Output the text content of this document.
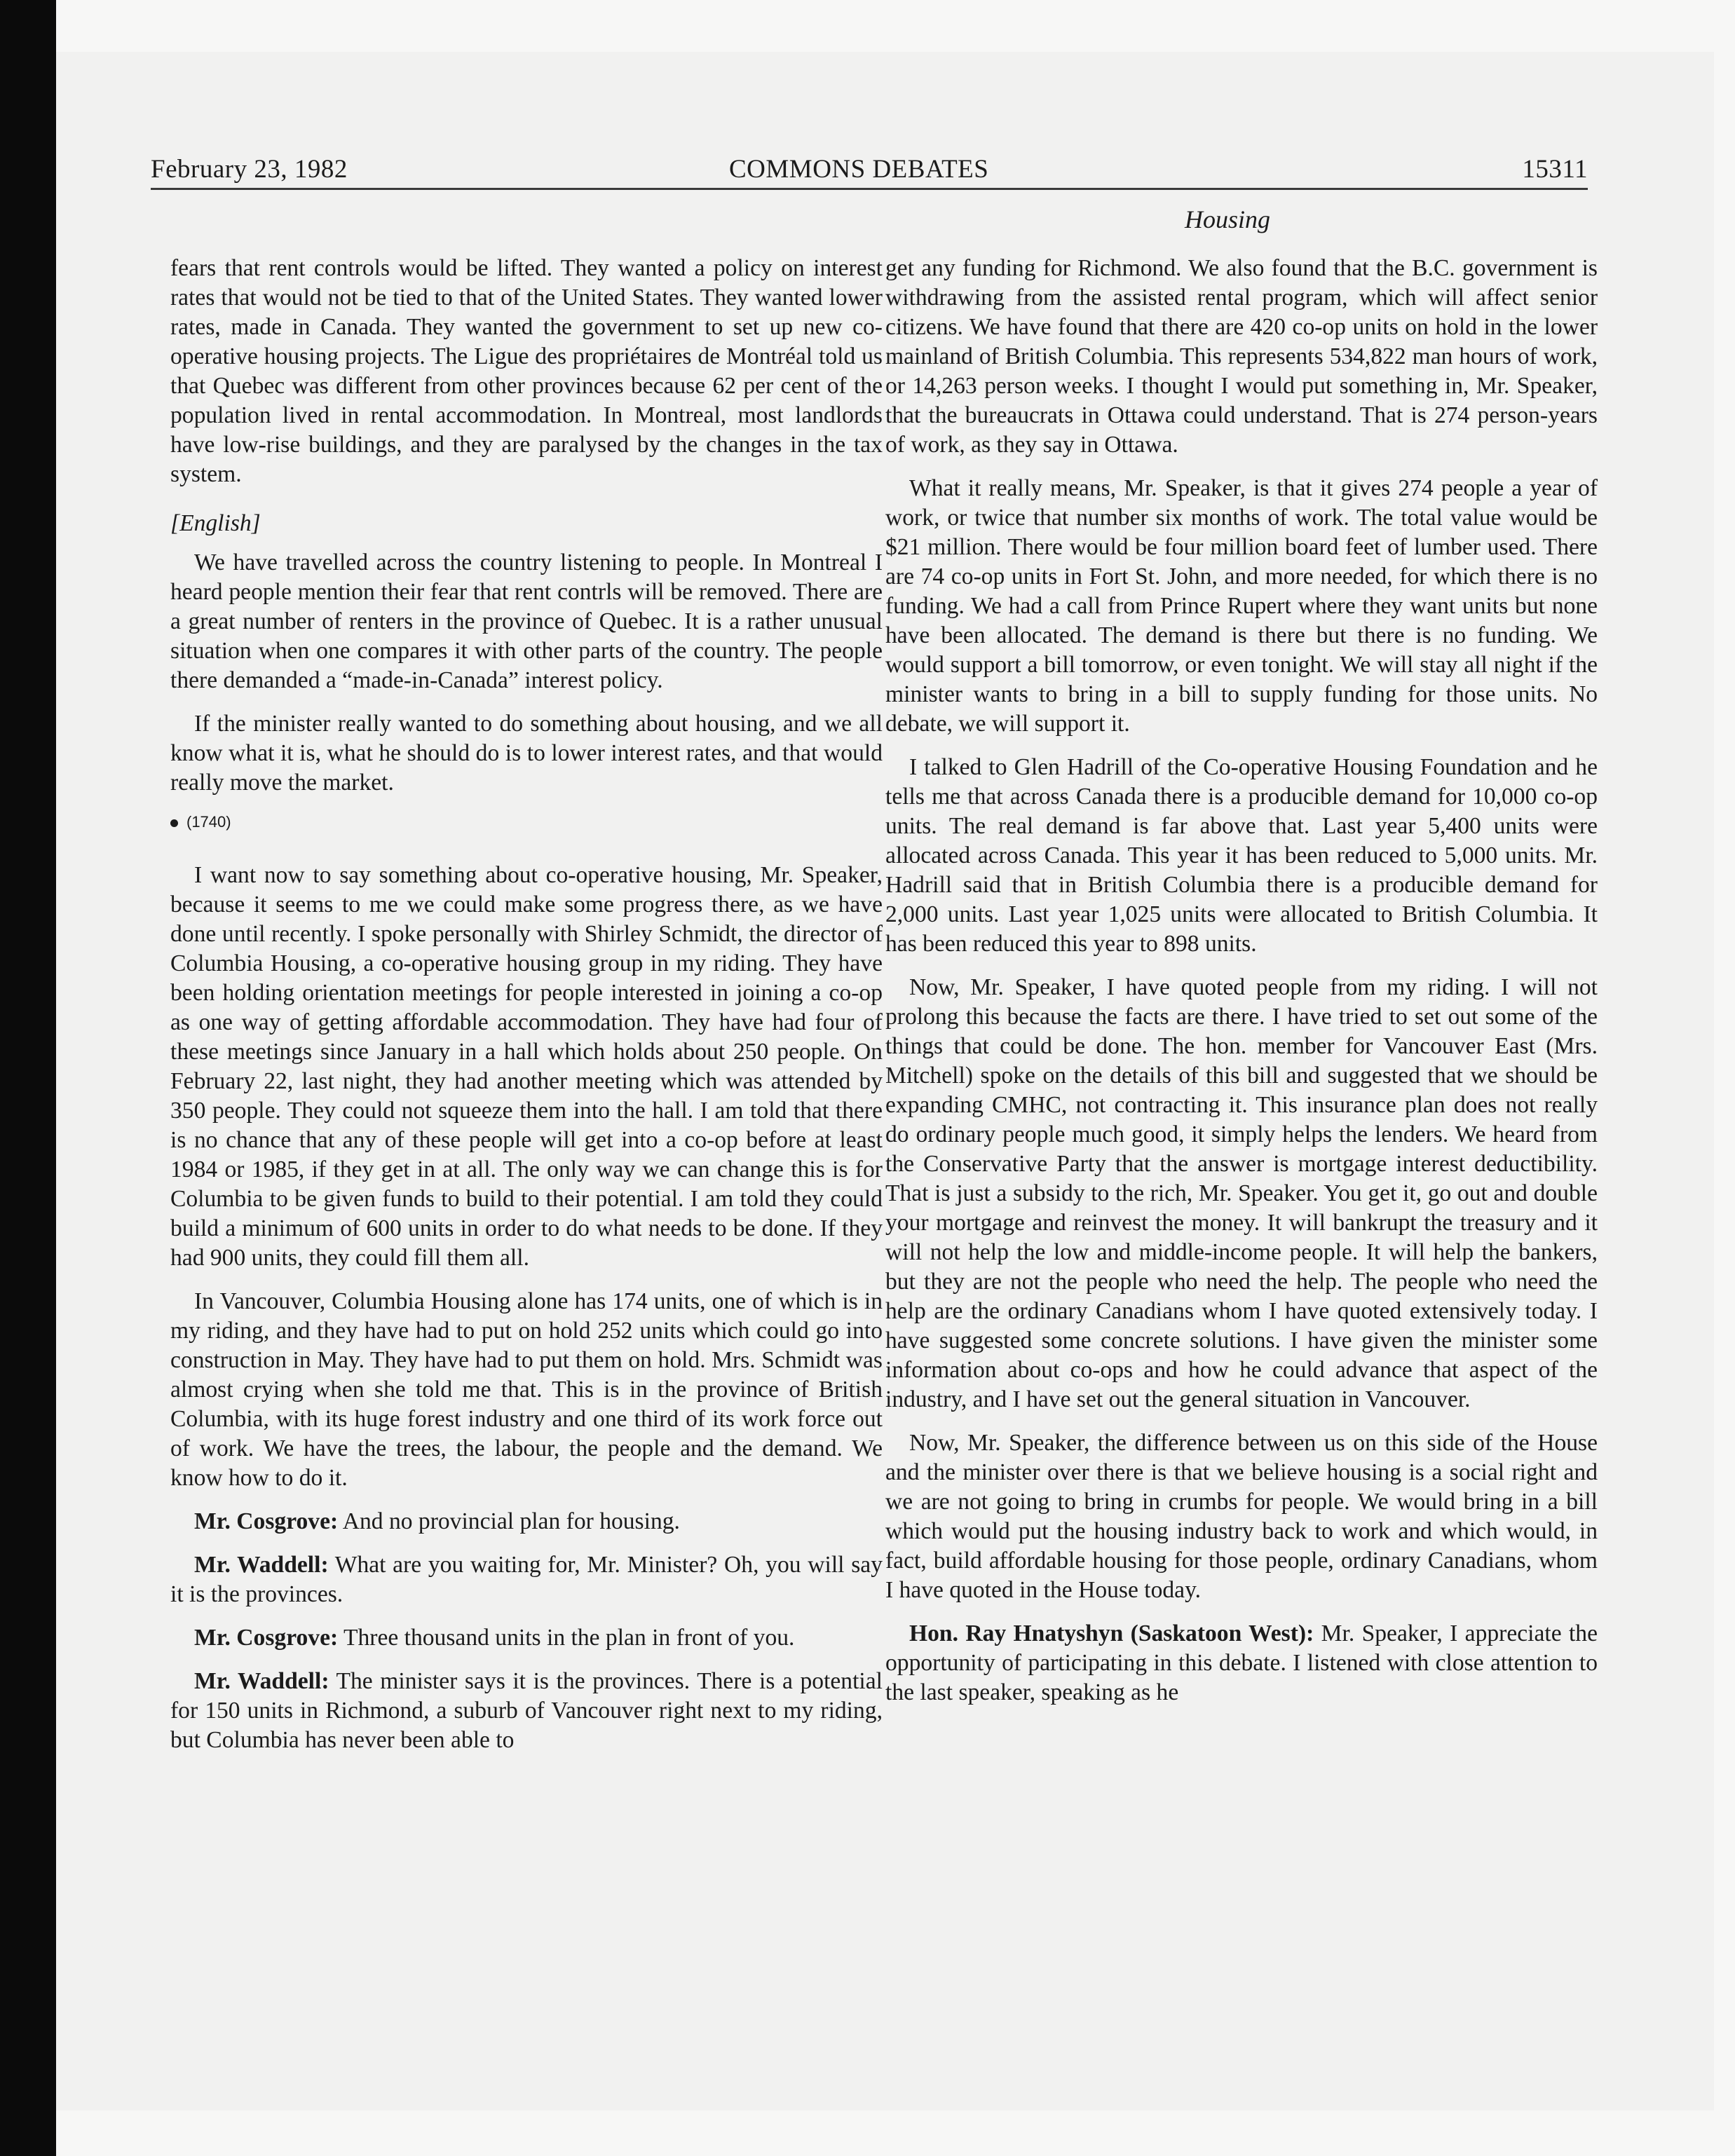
February 23, 1982	COMMONS DEBATES	15311
Housing

fears that rent controls would be lifted. They wanted a policy on interest rates that would not be tied to that of the United States. They wanted lower rates, made in Canada. They wanted the government to set up new co-operative housing projects. The Ligue des propriétaires de Montréal told us that Quebec was different from other provinces because 62 per cent of the population lived in rental accommodation. In Montreal, most landlords have low-rise buildings, and they are paralysed by the changes in the tax system.

[English]

We have travelled across the country listening to people. In Montreal I heard people mention their fear that rent contrls will be removed. There are a great number of renters in the province of Quebec. It is a rather unusual situation when one compares it with other parts of the country. The people there demanded a “made-in-Canada” interest policy.

If the minister really wanted to do something about housing, and we all know what it is, what he should do is to lower interest rates, and that would really move the market.

(1740)

I want now to say something about co-operative housing, Mr. Speaker, because it seems to me we could make some progress there, as we have done until recently. I spoke personally with Shirley Schmidt, the director of Columbia Housing, a co-operative housing group in my riding. They have been holding orientation meetings for people interested in joining a co-op as one way of getting affordable accommodation. They have had four of these meetings since January in a hall which holds about 250 people. On February 22, last night, they had another meeting which was attended by 350 people. They could not squeeze them into the hall. I am told that there is no chance that any of these people will get into a co-op before at least 1984 or 1985, if they get in at all. The only way we can change this is for Columbia to be given funds to build to their potential. I am told they could build a minimum of 600 units in order to do what needs to be done. If they had 900 units, they could fill them all.

In Vancouver, Columbia Housing alone has 174 units, one of which is in my riding, and they have had to put on hold 252 units which could go into construction in May. They have had to put them on hold. Mrs. Schmidt was almost crying when she told me that. This is in the province of British Columbia, with its huge forest industry and one third of its work force out of work. We have the trees, the labour, the people and the demand. We know how to do it.

Mr. Cosgrove: And no provincial plan for housing.

Mr. Waddell: What are you waiting for, Mr. Minister? Oh, you will say it is the provinces.

Mr. Cosgrove: Three thousand units in the plan in front of you.

Mr. Waddell: The minister says it is the provinces. There is a potential for 150 units in Richmond, a suburb of Vancouver right next to my riding, but Columbia has never been able to

get any funding for Richmond. We also found that the B.C. government is withdrawing from the assisted rental program, which will affect senior citizens. We have found that there are 420 co-op units on hold in the lower mainland of British Columbia. This represents 534,822 man hours of work, or 14,263 person weeks. I thought I would put something in, Mr. Speaker, that the bureaucrats in Ottawa could understand. That is 274 person-years of work, as they say in Ottawa.

What it really means, Mr. Speaker, is that it gives 274 people a year of work, or twice that number six months of work. The total value would be $21 million. There would be four million board feet of lumber used. There are 74 co-op units in Fort St. John, and more needed, for which there is no funding. We had a call from Prince Rupert where they want units but none have been allocated. The demand is there but there is no funding. We would support a bill tomorrow, or even tonight. We will stay all night if the minister wants to bring in a bill to supply funding for those units. No debate, we will support it.

I talked to Glen Hadrill of the Co-operative Housing Foundation and he tells me that across Canada there is a producible demand for 10,000 co-op units. The real demand is far above that. Last year 5,400 units were allocated across Canada. This year it has been reduced to 5,000 units. Mr. Hadrill said that in British Columbia there is a producible demand for 2,000 units. Last year 1,025 units were allocated to British Columbia. It has been reduced this year to 898 units.

Now, Mr. Speaker, I have quoted people from my riding. I will not prolong this because the facts are there. I have tried to set out some of the things that could be done. The hon. member for Vancouver East (Mrs. Mitchell) spoke on the details of this bill and suggested that we should be expanding CMHC, not contracting it. This insurance plan does not really do ordinary people much good, it simply helps the lenders. We heard from the Conservative Party that the answer is mortgage interest deductibility. That is just a subsidy to the rich, Mr. Speaker. You get it, go out and double your mortgage and reinvest the money. It will bankrupt the treasury and it will not help the low and middle-income people. It will help the bankers, but they are not the people who need the help. The people who need the help are the ordinary Canadians whom I have quoted extensively today. I have suggested some concrete solutions. I have given the minister some information about co-ops and how he could advance that aspect of the industry, and I have set out the general situation in Vancouver.

Now, Mr. Speaker, the difference between us on this side of the House and the minister over there is that we believe housing is a social right and we are not going to bring in crumbs for people. We would bring in a bill which would put the housing industry back to work and which would, in fact, build affordable housing for those people, ordinary Canadians, whom I have quoted in the House today.

Hon. Ray Hnatyshyn (Saskatoon West): Mr. Speaker, I appreciate the opportunity of participating in this debate. I listened with close attention to the last speaker, speaking as he
